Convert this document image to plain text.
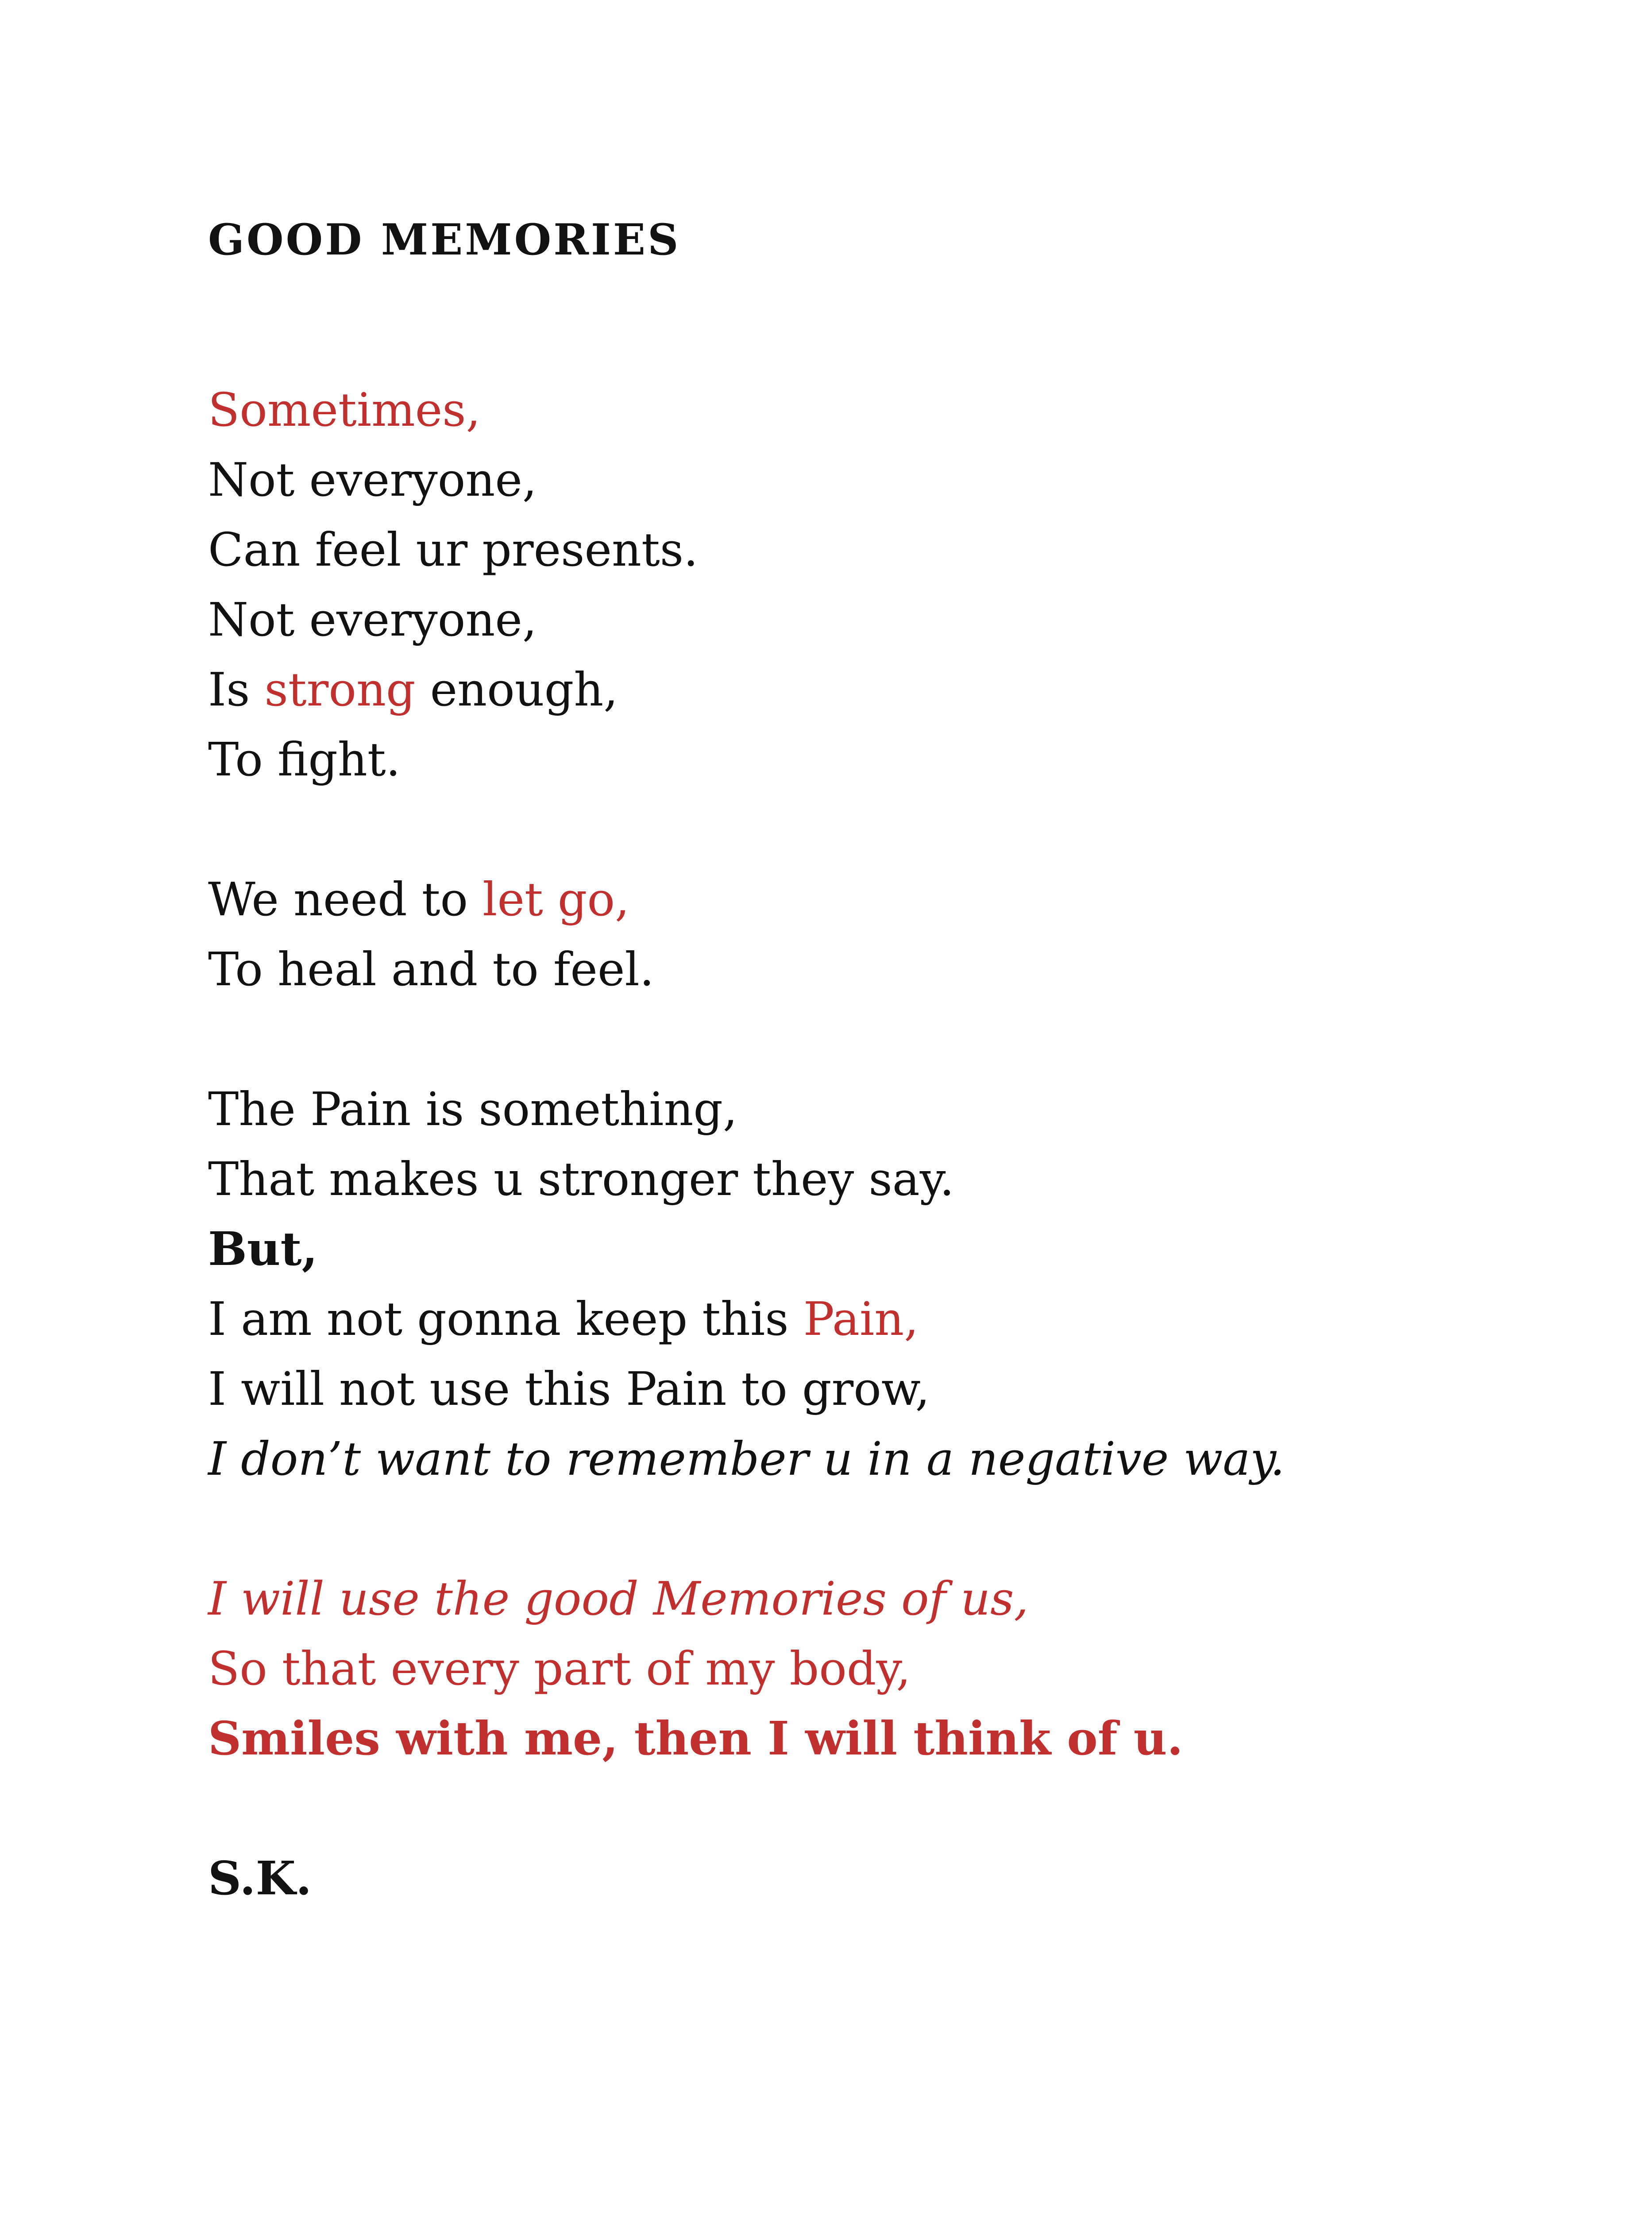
GOOD MEMORIES
Sometimes,
Not everyone,
Can feel ur presents.
Not everyone,
Is strong enough,
To fight.
We need to let go,
To heal and to feel.
The Pain is something,
That makes u stronger they say.
But,
I am not gonna keep this Pain,
I will not use this Pain to grow,
I don’t want to remember u in a negative way.
I will use the good Memories of us,
So that every part of my body,
Smiles with me, then I will think of u.
S.K.
